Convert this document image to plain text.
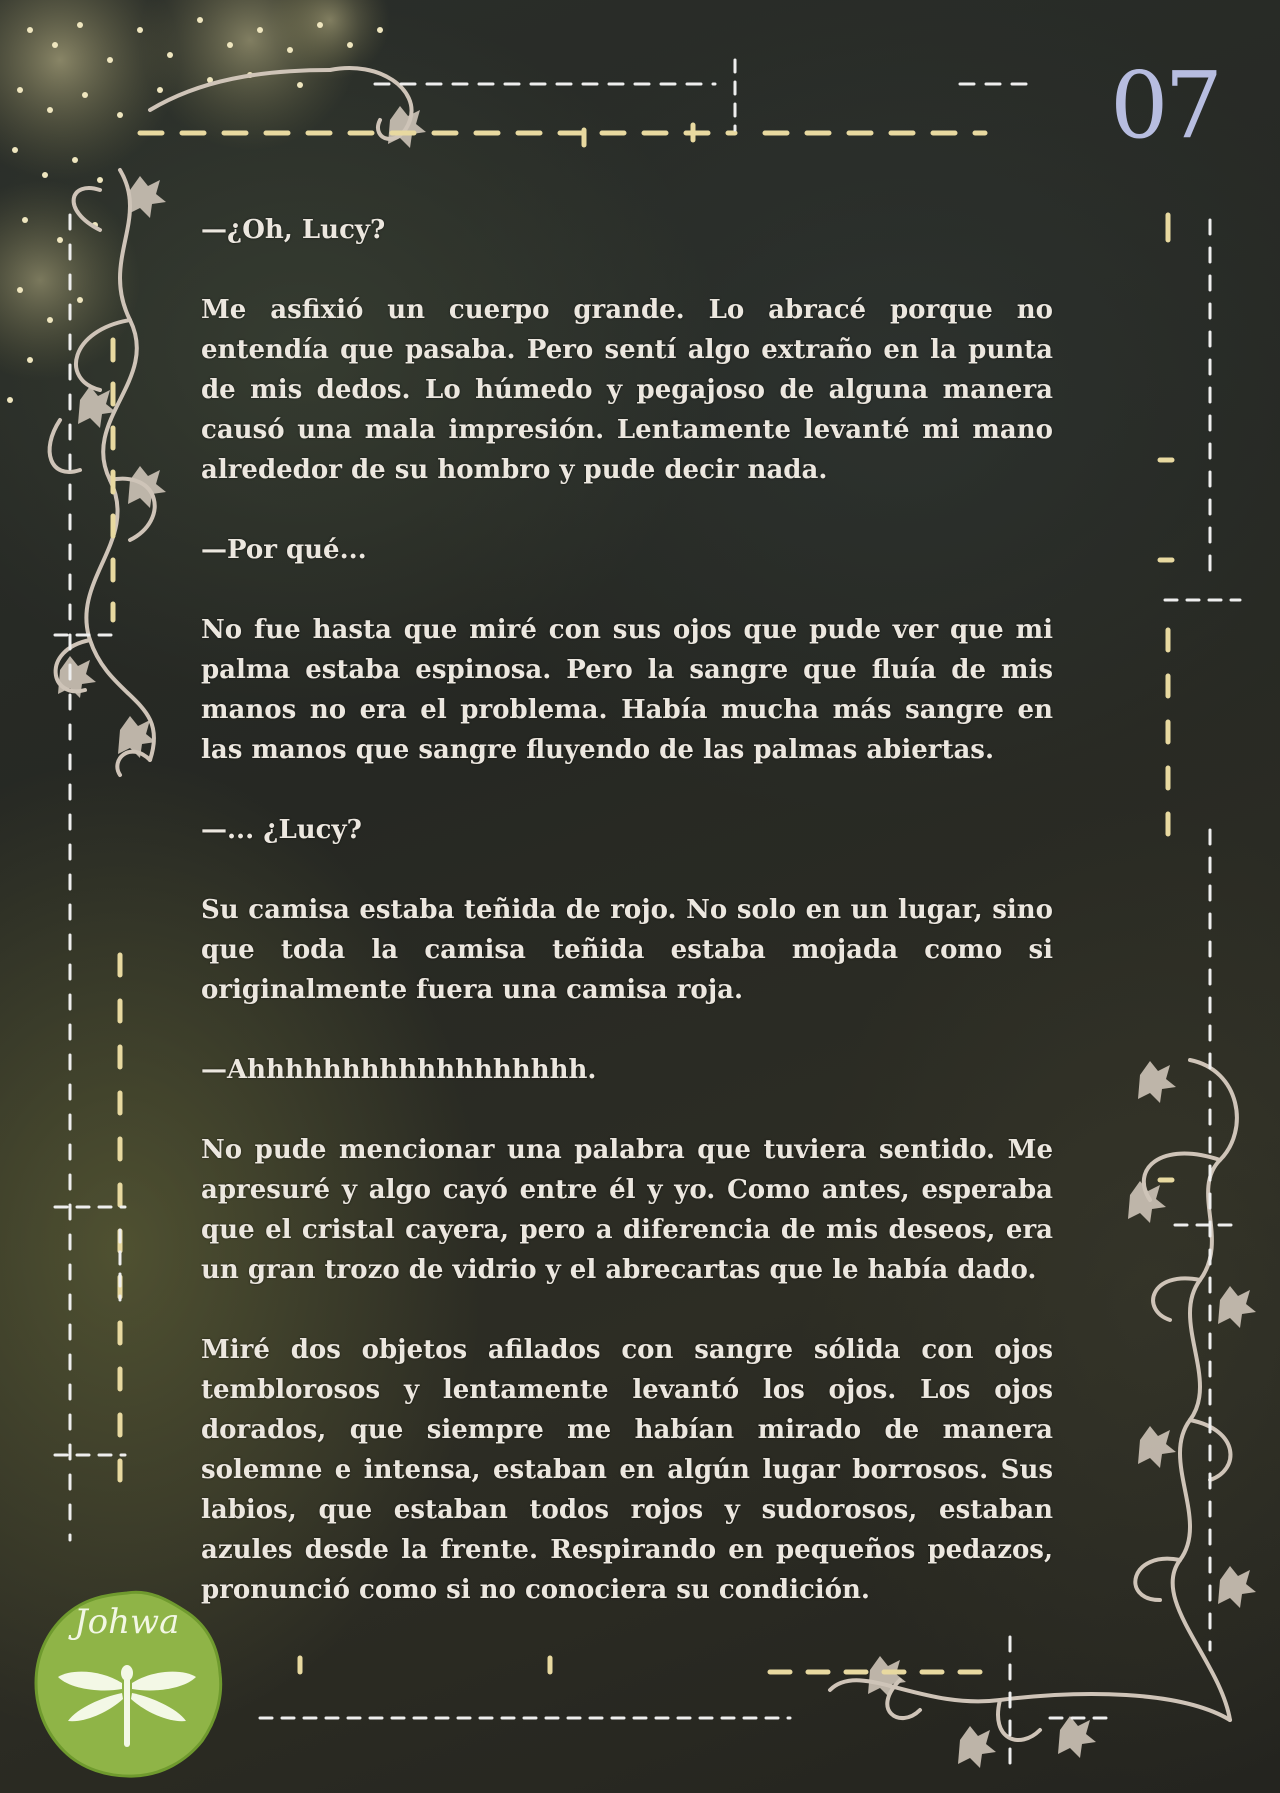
07

—¿Oh, Lucy?

Me asfixió un cuerpo grande. Lo abracé porque no entendía que pasaba. Pero sentí algo extraño en la punta de mis dedos. Lo húmedo y pegajoso de alguna manera causó una mala impresión. Lentamente levanté mi mano alrededor de su hombro y pude decir nada.

—Por qué...

No fue hasta que miré con sus ojos que pude ver que mi palma estaba espinosa. Pero la sangre que fluía de mis manos no era el problema. Había mucha más sangre en las manos que sangre fluyendo de las palmas abiertas.

—... ¿Lucy?

Su camisa estaba teñida de rojo. No solo en un lugar, sino que toda la camisa teñida estaba mojada como si originalmente fuera una camisa roja.

—Ahhhhhhhhhhhhhhhhhh.

No pude mencionar una palabra que tuviera sentido. Me apresuré y algo cayó entre él y yo. Como antes, esperaba que el cristal cayera, pero a diferencia de mis deseos, era un gran trozo de vidrio y el abrecartas que le había dado.

Miré dos objetos afilados con sangre sólida con ojos temblorosos y lentamente levantó los ojos. Los ojos dorados, que siempre me habían mirado de manera solemne e intensa, estaban en algún lugar borrosos. Sus labios, que estaban todos rojos y sudorosos, estaban azules desde la frente. Respirando en pequeños pedazos, pronunció como si no conociera su condición.

Johwa
